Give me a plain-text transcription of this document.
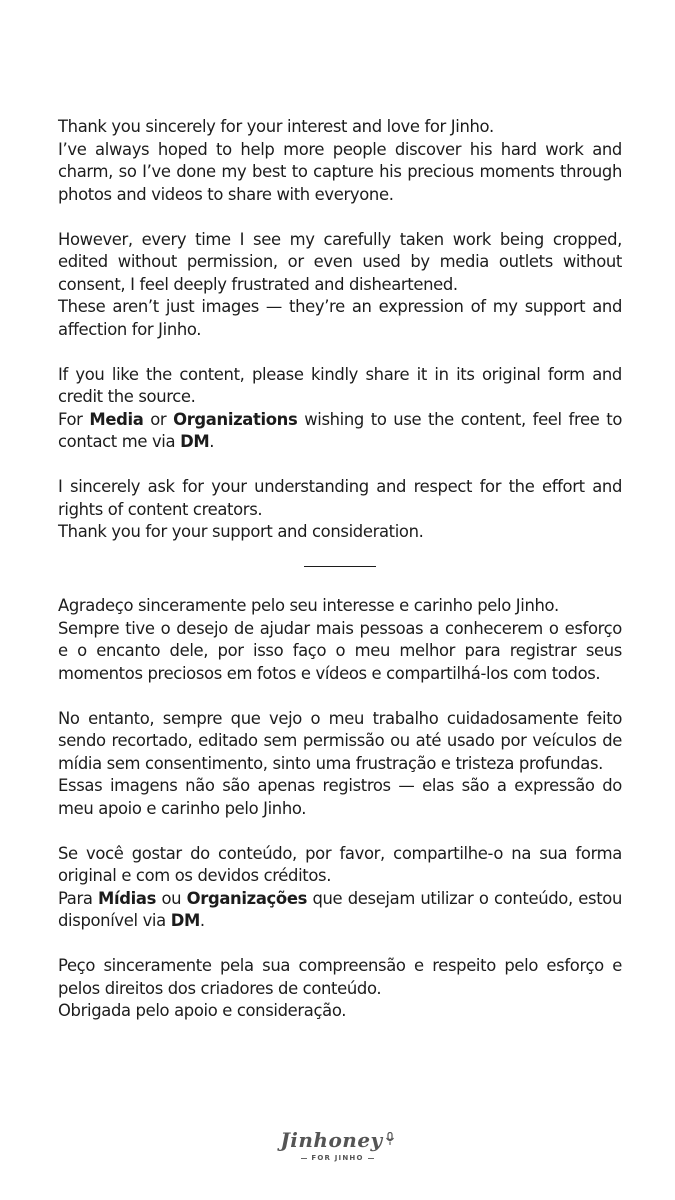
Thank you sincerely for your interest and love for Jinho.

I’ve always hoped to help more people discover his hard work and charm, so I’ve done my best to capture his precious moments through photos and videos to share with everyone.

However, every time I see my carefully taken work being cropped, edited without permission, or even used by media outlets without consent, I feel deeply frustrated and disheartened.

These aren’t just images — they’re an expression of my support and affection for Jinho.

If you like the content, please kindly share it in its original form and credit the source.

For Media or Organizations wishing to use the content, feel free to contact me via DM.

I sincerely ask for your understanding and respect for the effort and rights of content creators.

Thank you for your support and consideration.

Agradeço sinceramente pelo seu interesse e carinho pelo Jinho.

Sempre tive o desejo de ajudar mais pessoas a conhecerem o esforço e o encanto dele, por isso faço o meu melhor para registrar seus momentos preciosos em fotos e vídeos e compartilhá-los com todos.

No entanto, sempre que vejo o meu trabalho cuidadosamente feito sendo recortado, editado sem permissão ou até usado por veículos de mídia sem consentimento, sinto uma frustração e tristeza profundas.

Essas imagens não são apenas registros — elas são a expressão do meu apoio e carinho pelo Jinho.

Se você gostar do conteúdo, por favor, compartilhe-o na sua forma original e com os devidos créditos.

Para Mídias ou Organizações que desejam utilizar o conteúdo, estou disponível via DM.

Peço sinceramente pela sua compreensão e respeito pelo esforço e pelos direitos dos criadores de conteúdo.

Obrigada pelo apoio e consideração.

Jinhoney
FOR JINHO
